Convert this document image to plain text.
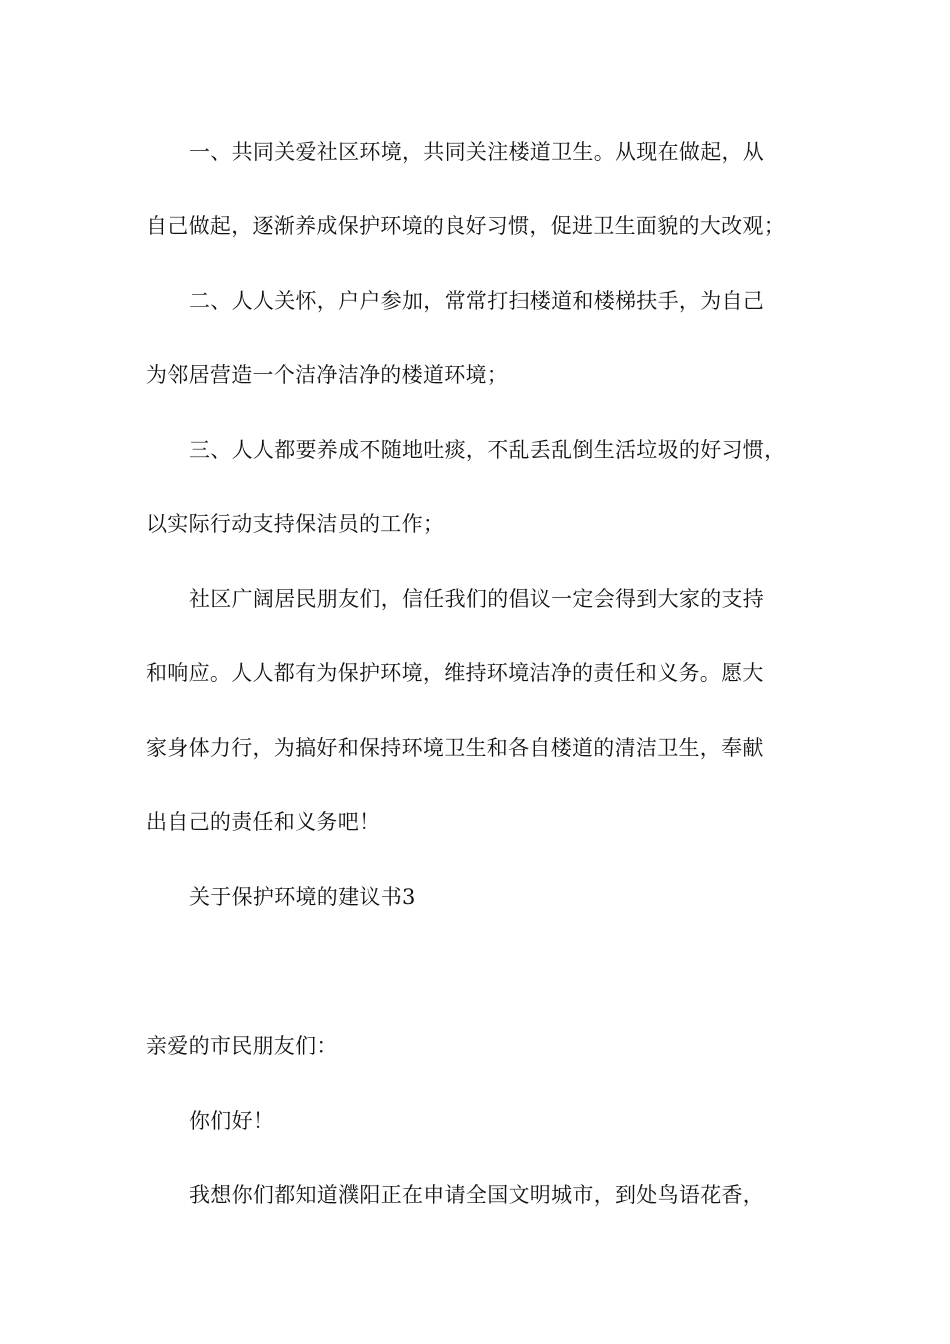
一、共同关爱社区环境，共同关注楼道卫生。从现在做起，从

自己做起，逐渐养成保护环境的良好习惯，促进卫生面貌的大改观；

二、人人关怀，户户参加，常常打扫楼道和楼梯扶手，为自己

为邻居营造一个洁净洁净的楼道环境；

三、人人都要养成不随地吐痰，不乱丢乱倒生活垃圾的好习惯，

以实际行动支持保洁员的工作；

社区广阔居民朋友们，信任我们的倡议一定会得到大家的支持

和响应。人人都有为保护环境，维持环境洁净的责任和义务。愿大

家身体力行，为搞好和保持环境卫生和各自楼道的清洁卫生，奉献

出自己的责任和义务吧！

关于保护环境的建议书3

亲爱的市民朋友们：

你们好！

我想你们都知道濮阳正在申请全国文明城市，到处鸟语花香，
